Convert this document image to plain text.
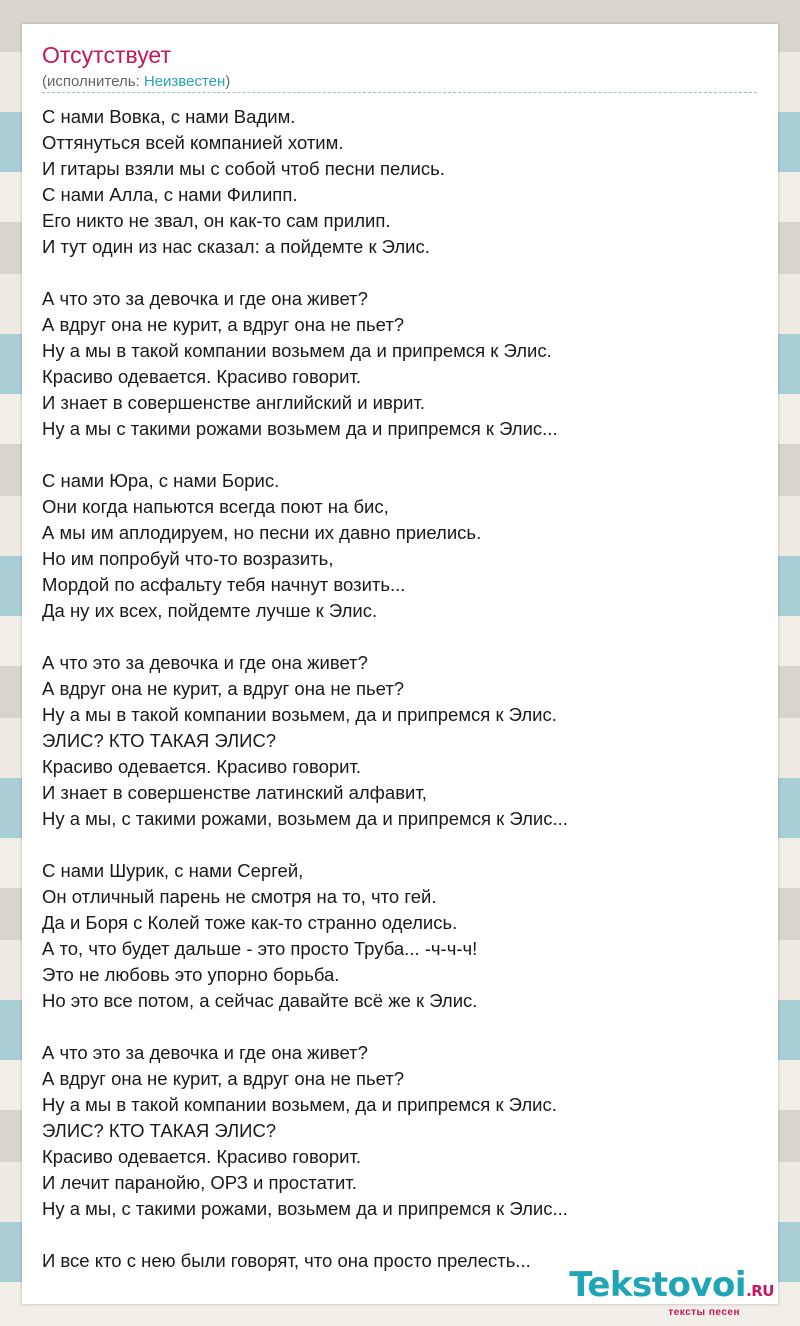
Отсутствует
(исполнитель: Неизвестен)
С нами Вовка, с нами Вадим.
Оттянуться всей компанией хотим.
И гитары взяли мы с собой чтоб песни пелись.
С нами Алла, с нами Филипп.
Его никто не звал, он как-то сам прилип.
И тут один из нас сказал: а пойдемте к Элис.
А что это за девочка и где она живет?
А вдруг она не курит, а вдруг она не пьет?
Ну а мы в такой компании возьмем да и припремся к Элис.
Красиво одевается. Красиво говорит.
И знает в совершенстве английский и иврит.
Ну а мы с такими рожами возьмем да и припремся к Элис...
С нами Юра, с нами Борис.
Они когда напьются всегда поют на бис,
А мы им аплодируем, но песни их давно приелись.
Но им попробуй что-то возразить,
Мордой по асфальту тебя начнут возить...
Да ну их всех, пойдемте лучше к Элис.
А что это за девочка и где она живет?
А вдруг она не курит, а вдруг она не пьет?
Ну а мы в такой компании возьмем, да и припремся к Элис.
ЭЛИС? КТО ТАКАЯ ЭЛИС?
Красиво одевается. Красиво говорит.
И знает в совершенстве латинский алфавит,
Ну а мы, с такими рожами, возьмем да и припремся к Элис...
С нами Шурик, с нами Сергей,
Он отличный парень не смотря на то, что гей.
Да и Боря с Колей тоже как-то странно оделись.
А то, что будет дальше - это просто Труба... -ч-ч-ч!
Это не любовь это упорно борьба.
Но это все потом, а сейчас давайте всё же к Элис.
А что это за девочка и где она живет?
А вдруг она не курит, а вдруг она не пьет?
Ну а мы в такой компании возьмем, да и припремся к Элис.
ЭЛИС? КТО ТАКАЯ ЭЛИС?
Красиво одевается. Красиво говорит.
И лечит паранойю, ОРЗ и простатит.
Ну а мы, с такими рожами, возьмем да и припремся к Элис...
И все кто с нею были говорят, что она просто прелесть...
Tekstovoi.RU
тексты песен
